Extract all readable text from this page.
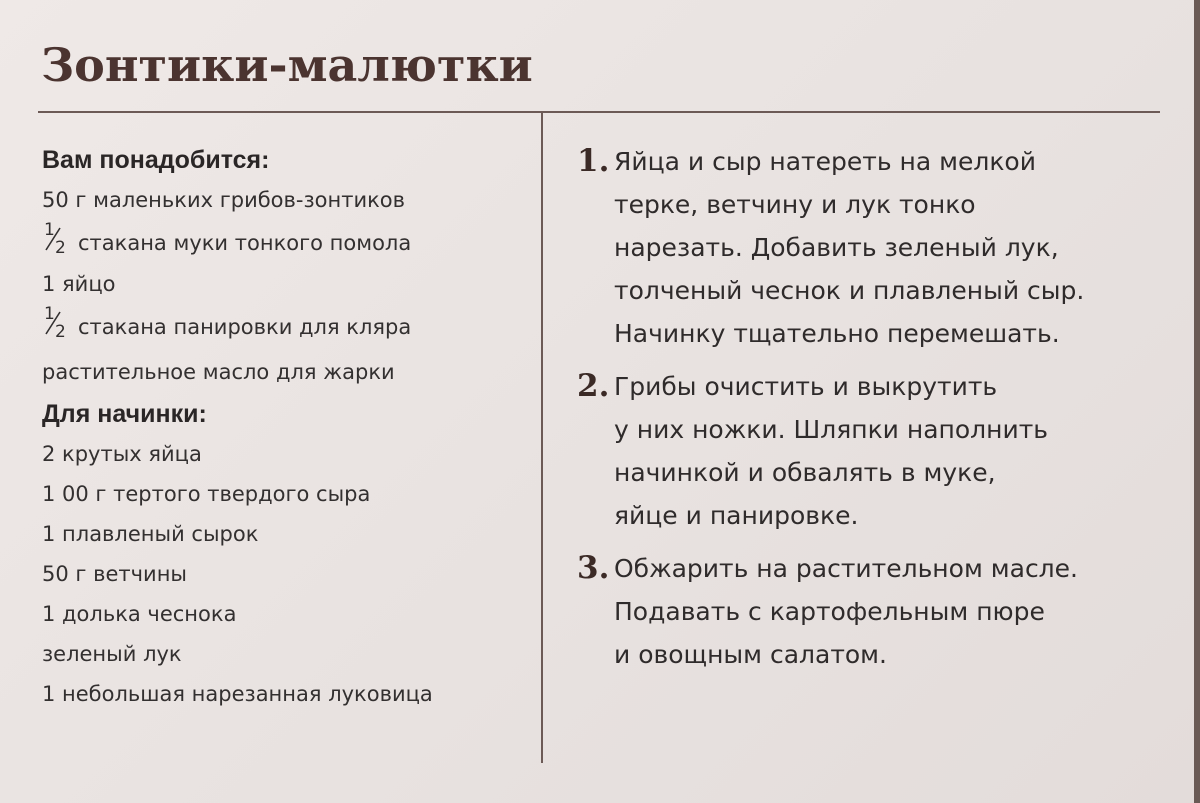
Зонтики-малютки
Вам понадобится:
50 г маленьких грибов-зонтиков
1
2 стакана муки тонкого помола
1 яйцо
1
2 стакана панировки для кляра
растительное масло для жарки
Для начинки:
2 крутых яйца
1 00 г тертого твердого сыра
1 плавленый сырок
50 г ветчины
1 долька чеснока
зеленый лук
1 небольшая нарезанная луковица
1. Яйца и сыр натереть на мелкой
терке, ветчину и лук тонко
нарезать. Добавить зеленый лук,
толченый чеснок и плавленый сыр.
Начинку тщательно перемешать.
2. Грибы очистить и выкрутить
у них ножки. Шляпки наполнить
начинкой и обвалять в муке,
яйце и панировке.
3. Обжарить на растительном масле.
Подавать с картофельным пюре
и овощным салатом.
